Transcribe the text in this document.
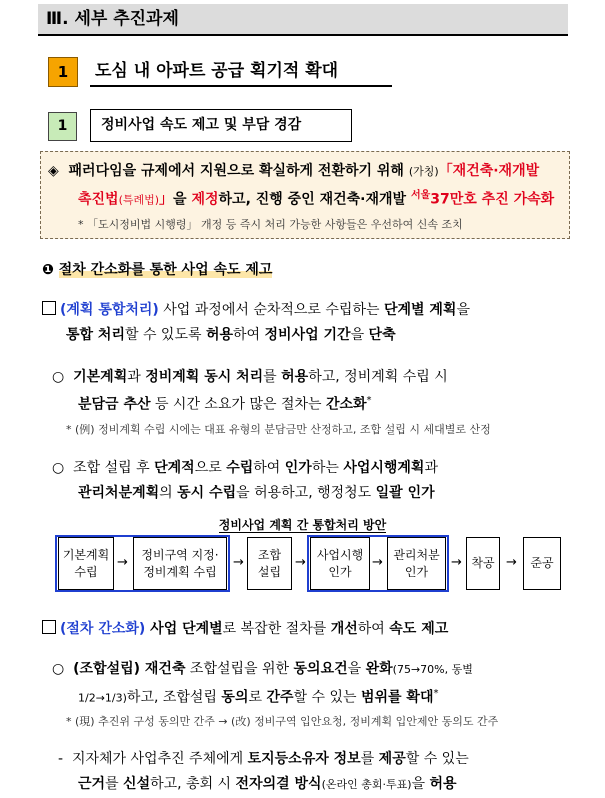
Ⅲ. 세부 추진과제
1	도심 내 아파트 공급 획기적 확대
1	정비사업 속도 제고 및 부담 경감
◈ 패러다임을 규제에서 지원으로 확실하게 전환하기 위해 (가칭)「재건축·재개발
촉진법(특례법)」을 제정하고, 진행 중인 재건축·재개발 $^{서울}$37만호 추진 가속화
* 「도시정비법 시행령」 개정 등 즉시 처리 가능한 사항들은 우선하여 신속 조치
❶ 절차 간소화를 통한 사업 속도 제고
(계획 통합처리) 사업 과정에서 순차적으로 수립하는 단계별 계획을
통합 처리할 수 있도록 허용하여 정비사업 기간을 단축
○ 기본계획과 정비계획 동시 처리를 허용하고, 정비계획 수립 시
분담금 추산 등 시간 소요가 많은 절차는 간소화*
* (例) 정비계획 수립 시에는 대표 유형의 분담금만 산정하고, 조합 설립 시 세대별로 산정
○ 조합 설립 후 단계적으로 수립하여 인가하는 사업시행계획과
관리처분계획의 동시 수립을 허용하고, 행정청도 일괄 인가
정비사업 계획 간 통합처리 방안
기본계획
수립
→
정비구역 지정·
정비계획 수립
→
조합
설립
→
사업시행
인가
→
관리처분
인가
→ 착공 → 준공
(절차 간소화) 사업 단계별로 복잡한 절차를 개선하여 속도 제고
○ (조합설립) 재건축 조합설립을 위한 동의요건을 완화(75→70%, 동별
1/2→1/3)하고, 조합설립 동의로 간주할 수 있는 범위를 확대*
* (現) 추진위 구성 동의만 간주 → (改) 정비구역 입안요청, 정비계획 입안제안 동의도 간주
- 지자체가 사업추진 주체에게 토지등소유자 정보를 제공할 수 있는
근거를 신설하고, 총회 시 전자의결 방식(온라인 총회·투표)을 허용
